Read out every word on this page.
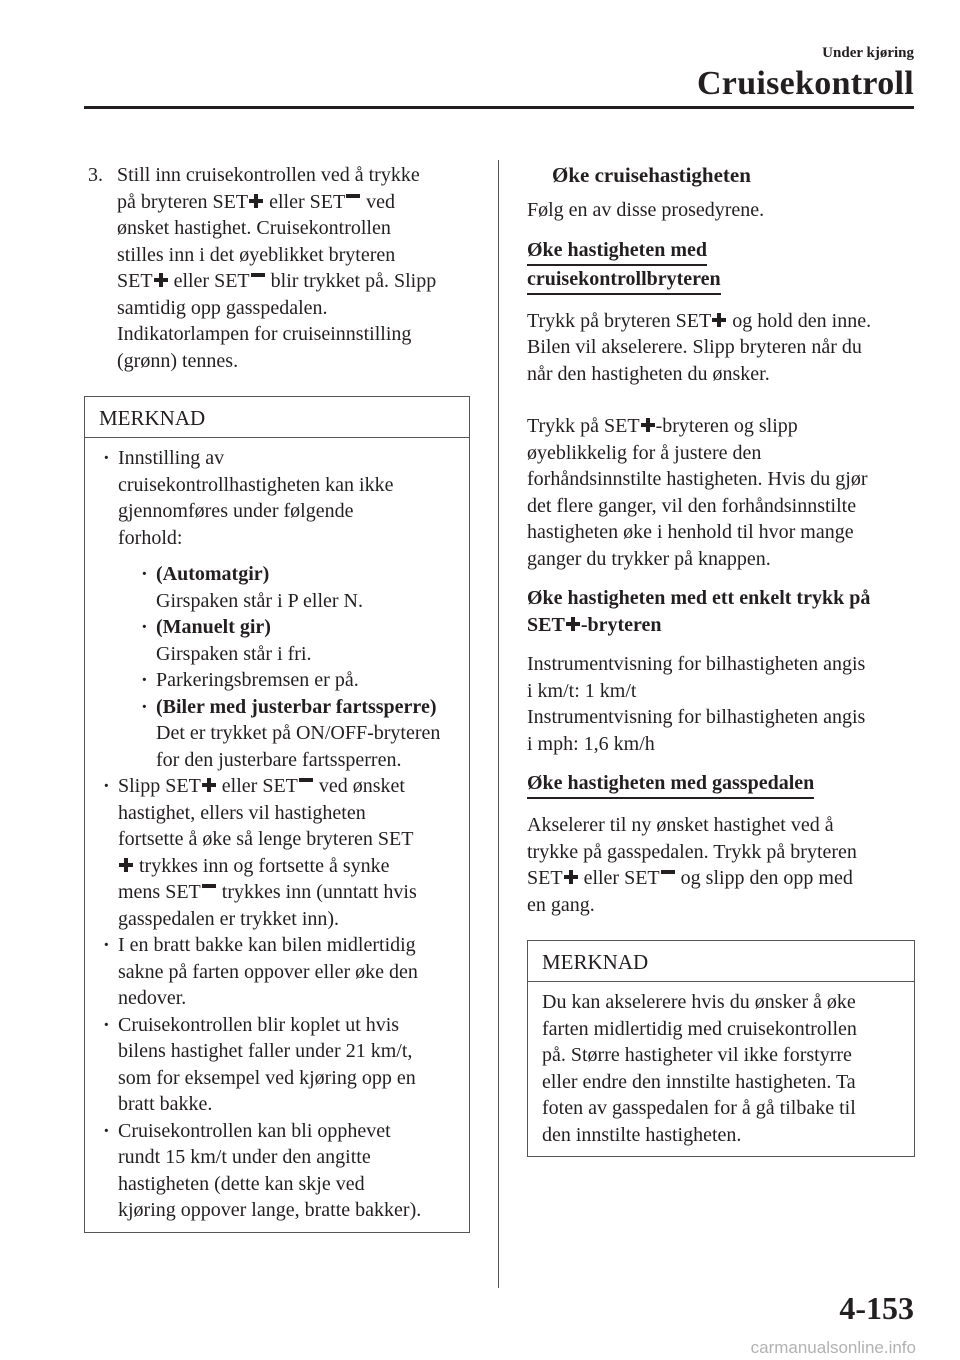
Under kjøring
Cruisekontroll
3. Still inn cruisekontrollen ved å trykke
på bryteren SET eller SET ved
ønsket hastighet. Cruisekontrollen
stilles inn i det øyeblikket bryteren
SET eller SET blir trykket på. Slipp
samtidig opp gasspedalen.
Indikatorlampen for cruiseinnstilling
(grønn) tennes.
MERKNAD
· Innstilling av
cruisekontrollhastigheten kan ikke
gjennomføres under følgende
forhold:
· (Automatgir)
Girspaken står i P eller N.
· (Manuelt gir)
Girspaken står i fri.
· Parkeringsbremsen er på.
· (Biler med justerbar fartssperre)
Det er trykket på ON/OFF-bryteren
for den justerbare fartssperren.
· Slipp SET eller SET ved ønsket
hastighet, ellers vil hastigheten
fortsette å øke så lenge bryteren SET
trykkes inn og fortsette å synke
mens SET trykkes inn (unntatt hvis
gasspedalen er trykket inn).
· I en bratt bakke kan bilen midlertidig
sakne på farten oppover eller øke den
nedover.
· Cruisekontrollen blir koplet ut hvis
bilens hastighet faller under 21 km/t,
som for eksempel ved kjøring opp en
bratt bakke.
· Cruisekontrollen kan bli opphevet
rundt 15 km/t under den angitte
hastigheten (dette kan skje ved
kjøring oppover lange, bratte bakker).
Øke cruisehastigheten

Følg en av disse prosedyrene.

Øke hastigheten med
cruisekontrollbryteren

Trykk på bryteren SET og hold den inne.
Bilen vil akselerere. Slipp bryteren når du
når den hastigheten du ønsker.

Trykk på SET -bryteren og slipp
øyeblikkelig for å justere den
forhåndsinnstilte hastigheten. Hvis du gjør
det flere ganger, vil den forhåndsinnstilte
hastigheten øke i henhold til hvor mange
ganger du trykker på knappen.

Øke hastigheten med ett enkelt trykk på
SET -bryteren

Instrumentvisning for bilhastigheten angis
i km/t: 1 km/t
Instrumentvisning for bilhastigheten angis
i mph: 1,6 km/h

Øke hastigheten med gasspedalen

Akselerer til ny ønsket hastighet ved å
trykke på gasspedalen. Trykk på bryteren
SET eller SET og slipp den opp med
en gang.

MERKNAD
Du kan akselerere hvis du ønsker å øke
farten midlertidig med cruisekontrollen
på. Større hastigheter vil ikke forstyrre
eller endre den innstilte hastigheten. Ta
foten av gasspedalen for å gå tilbake til
den innstilte hastigheten.
4-153
carmanualsonline.info
